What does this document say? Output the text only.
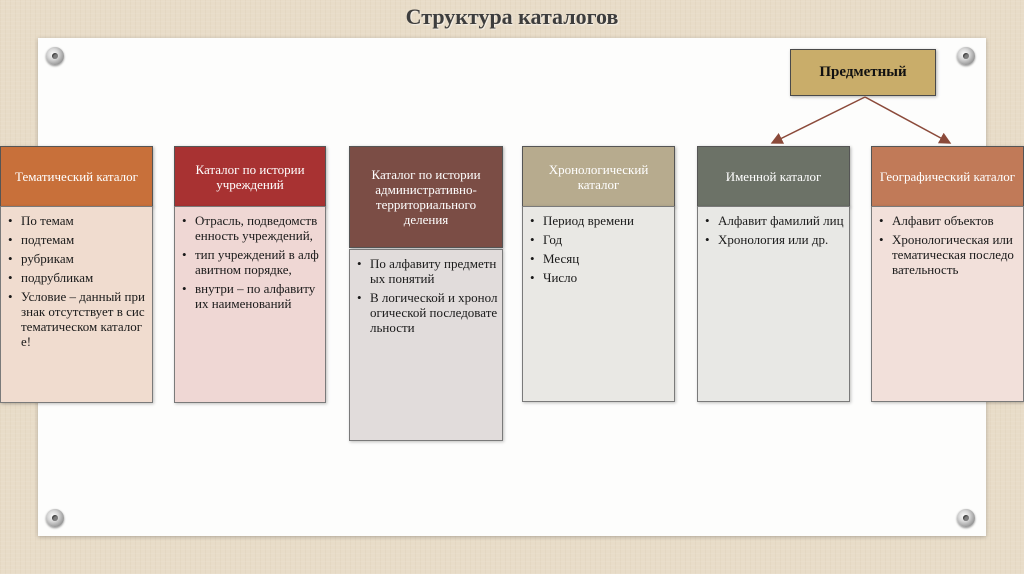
Структура каталогов
Предметный
Тематический каталог
• По темам
• подтемам
• рубрикам
• подрубликам
• Условие – данный признак отсутствует в систематическом каталоге!
Каталог по истории учреждений
• Отрасль, подведомственность учреждений,
• тип учреждений в алфавитном порядке,
• внутри – по алфавиту их наименований
Каталог по истории административно-территориального деления
• По алфавиту предметных понятий
• В логической и хронологической последовательности
Хронологический каталог
• Период времени
• Год
• Месяц
• Число
Именной каталог
• Алфавит фамилий лиц
• Хронология или др.
Географический каталог
• Алфавит объектов
• Хронологическая или тематическая последовательность
